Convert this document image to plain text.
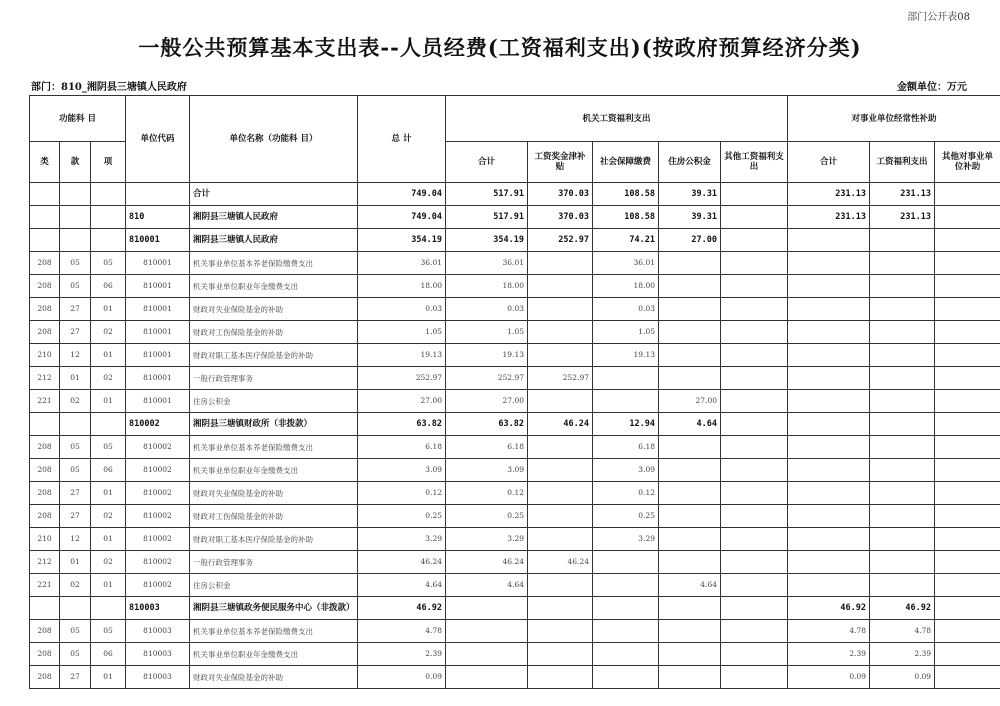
部门公开表08
一般公共预算基本支出表--人员经费(工资福利支出)(按政府预算经济分类)
部门：810_湘阴县三塘镇人民政府	金额单位：万元
功能科 目			单位代码	单位名称（功能科 目）	总 计	机关工资福利支出					对事业单位经常性补助		
类	款	项				合计	工资奖金津补贴	社会保障缴费	住房公积金	其他工资福利支出	合计	工资福利支出	其他对事业单位补助
				合计	749.04	517.91	370.03	108.58	39.31		231.13	231.13	
			810	湘阴县三塘镇人民政府	749.04	517.91	370.03	108.58	39.31		231.13	231.13	
			810001	湘阴县三塘镇人民政府	354.19	354.19	252.97	74.21	27.00				
208	05	05	810001	机关事业单位基本养老保险缴费支出	36.01	36.01		36.01					
208	05	06	810001	机关事业单位职业年金缴费支出	18.00	18.00		18.00					
208	27	01	810001	财政对失业保险基金的补助	0.03	0.03		0.03					
208	27	02	810001	财政对工伤保险基金的补助	1.05	1.05		1.05					
210	12	01	810001	财政对职工基本医疗保险基金的补助	19.13	19.13		19.13					
212	01	02	810001	一般行政管理事务	252.97	252.97	252.97						
221	02	01	810001	住房公积金	27.00	27.00			27.00				
			810002	湘阴县三塘镇财政所（非拨款）	63.82	63.82	46.24	12.94	4.64				
208	05	05	810002	机关事业单位基本养老保险缴费支出	6.18	6.18		6.18					
208	05	06	810002	机关事业单位职业年金缴费支出	3.09	3.09		3.09					
208	27	01	810002	财政对失业保险基金的补助	0.12	0.12		0.12					
208	27	02	810002	财政对工伤保险基金的补助	0.25	0.25		0.25					
210	12	01	810002	财政对职工基本医疗保险基金的补助	3.29	3.29		3.29					
212	01	02	810002	一般行政管理事务	46.24	46.24	46.24						
221	02	01	810002	住房公积金	4.64	4.64			4.64				
			810003	湘阴县三塘镇政务便民服务中心（非拨款）	46.92						46.92	46.92	
208	05	05	810003	机关事业单位基本养老保险缴费支出	4.78						4.78	4.78	
208	05	06	810003	机关事业单位职业年金缴费支出	2.39						2.39	2.39	
208	27	01	810003	财政对失业保险基金的补助	0.09						0.09	0.09	
